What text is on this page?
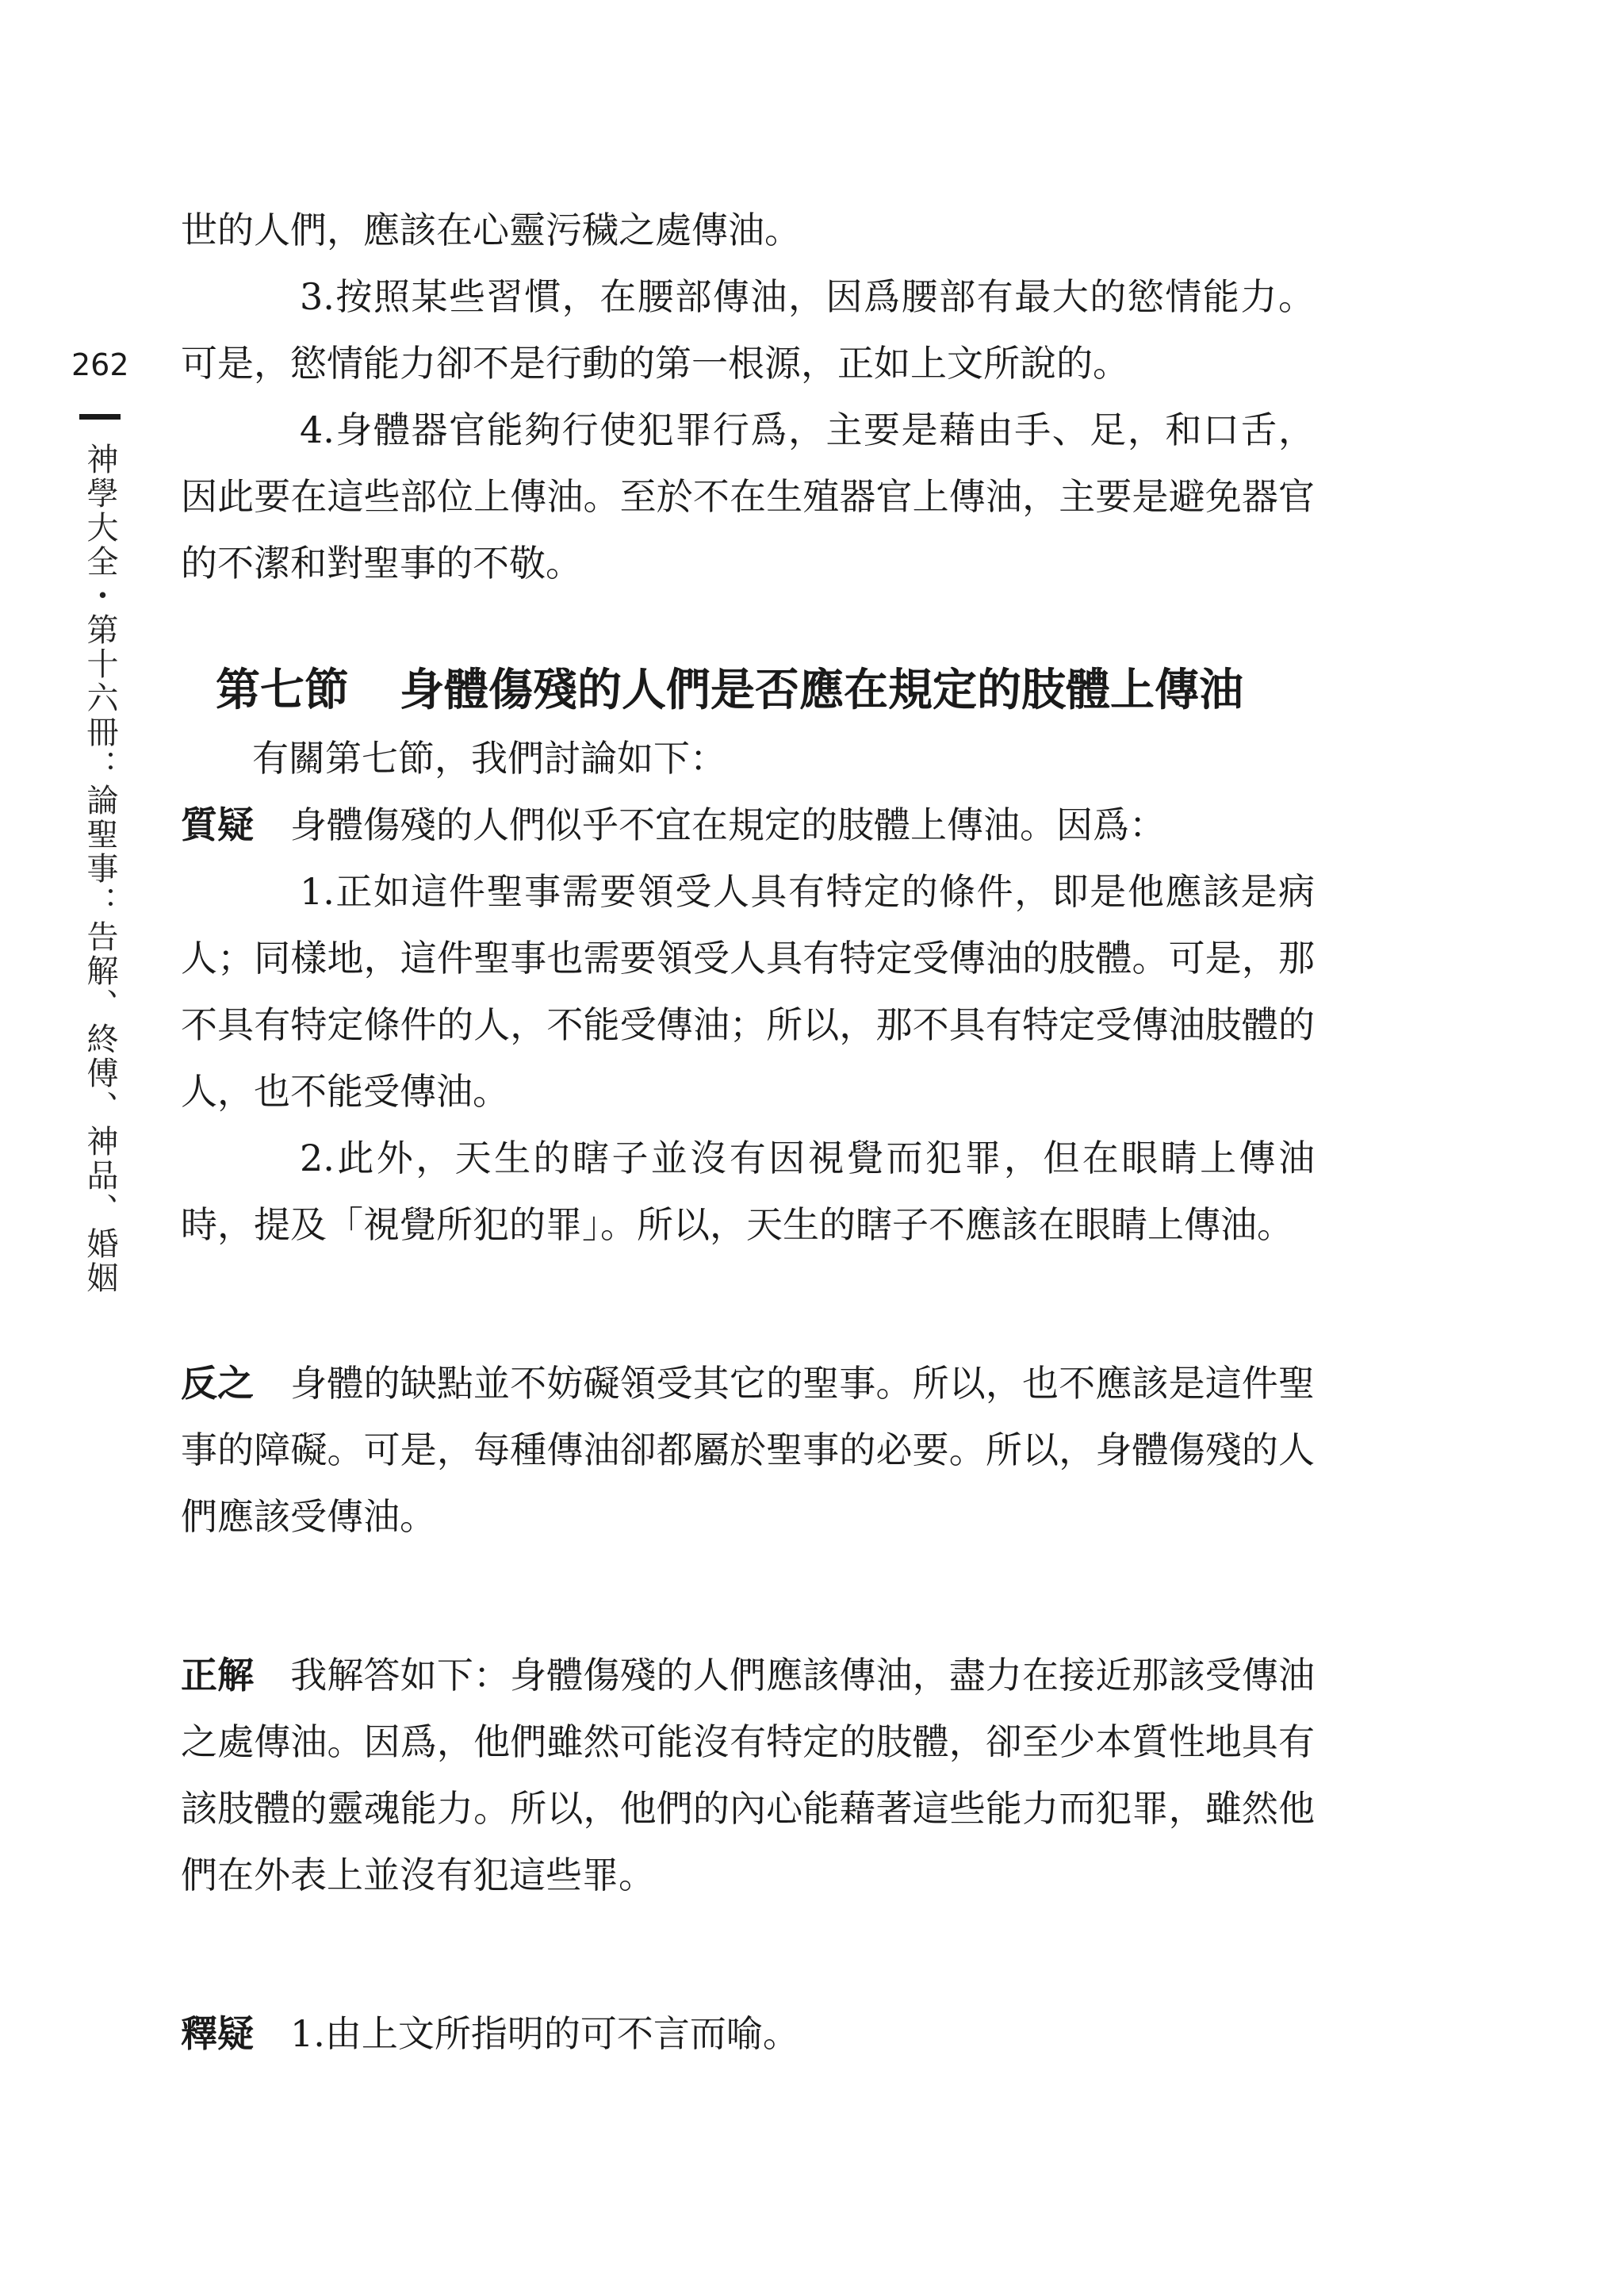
262
神學大全・第十六冊：論聖事：告解、終傅、神品、婚姻

世的人們，應該在心靈污穢之處傳油。

3.按照某些習慣，在腰部傳油，因爲腰部有最大的慾情能力。可是，慾情能力卻不是行動的第一根源，正如上文所說的。

4.身體器官能夠行使犯罪行爲，主要是藉由手、足，和口舌，因此要在這些部位上傳油。至於不在生殖器官上傳油，主要是避免器官的不潔和對聖事的不敬。

第七節 身體傷殘的人們是否應在規定的肢體上傳油

有關第七節，我們討論如下：

質疑 身體傷殘的人們似乎不宜在規定的肢體上傳油。因爲：

1.正如這件聖事需要領受人具有特定的條件，即是他應該是病人；同樣地，這件聖事也需要領受人具有特定受傳油的肢體。可是，那不具有特定條件的人，不能受傳油；所以，那不具有特定受傳油肢體的人，也不能受傳油。

2.此外，天生的瞎子並沒有因視覺而犯罪，但在眼睛上傳油時，提及「視覺所犯的罪」。所以，天生的瞎子不應該在眼睛上傳油。

反之 身體的缺點並不妨礙領受其它的聖事。所以，也不應該是這件聖事的障礙。可是，每種傳油卻都屬於聖事的必要。所以，身體傷殘的人們應該受傳油。

正解 我解答如下：身體傷殘的人們應該傳油，盡力在接近那該受傳油之處傳油。因爲，他們雖然可能沒有特定的肢體，卻至少本質性地具有該肢體的靈魂能力。所以，他們的內心能藉著這些能力而犯罪，雖然他們在外表上並沒有犯這些罪。

釋疑 1.由上文所指明的可不言而喻。
